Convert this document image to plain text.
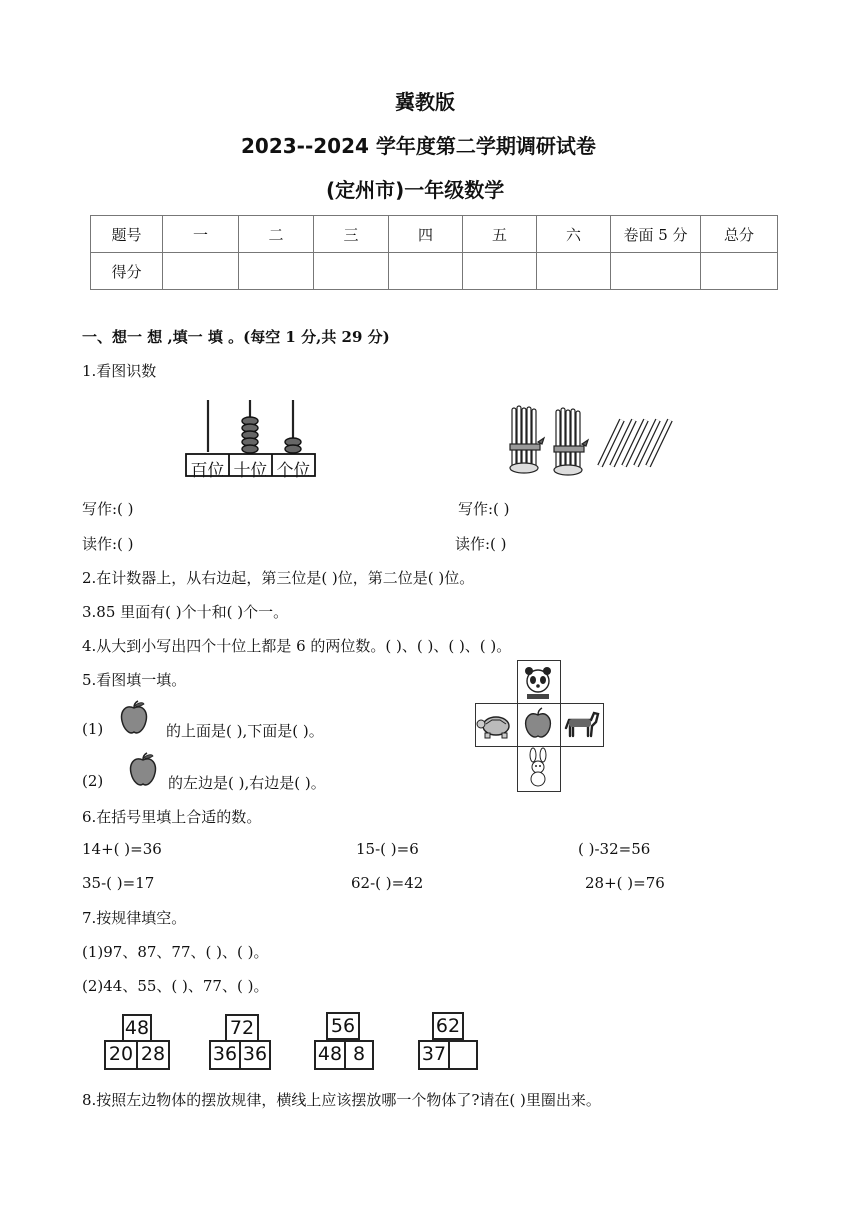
冀教版
2023--2024 学年度第二学期调研试卷
(定州市)一年级数学
题号	一	二	三	四	五	六	卷面 5 分	总分
得分								
一、想一 想 ,填一 填 。(每空 1 分,共 29 分)
1.看图识数
百位 十位 个位
写作:( )	写作:( )
读作:( )	读作:( )
2.在计数器上，从右边起，第三位是( )位，第二位是( )位。
3.85 里面有( )个十和( )个一。
4.从大到小写出四个十位上都是 6 的两位数。( )、( )、( )、( )。
5.看图填一填。
(1)	的上面是( ),下面是( )。
(2)	的左边是( ),右边是( )。
6.在括号里填上合适的数。
14+( )=36	15-( )=6	( )-32=56
35-( )=17	62-( )=42	28+( )=76
7.按规律填空。
(1)97、87、77、( )、( )。
(2)44、55、( )、77、( )。
48
20 28
72
36 36
56
48 8
62
37
8.按照左边物体的摆放规律，横线上应该摆放哪一个物体了?请在( )里圈出来。
